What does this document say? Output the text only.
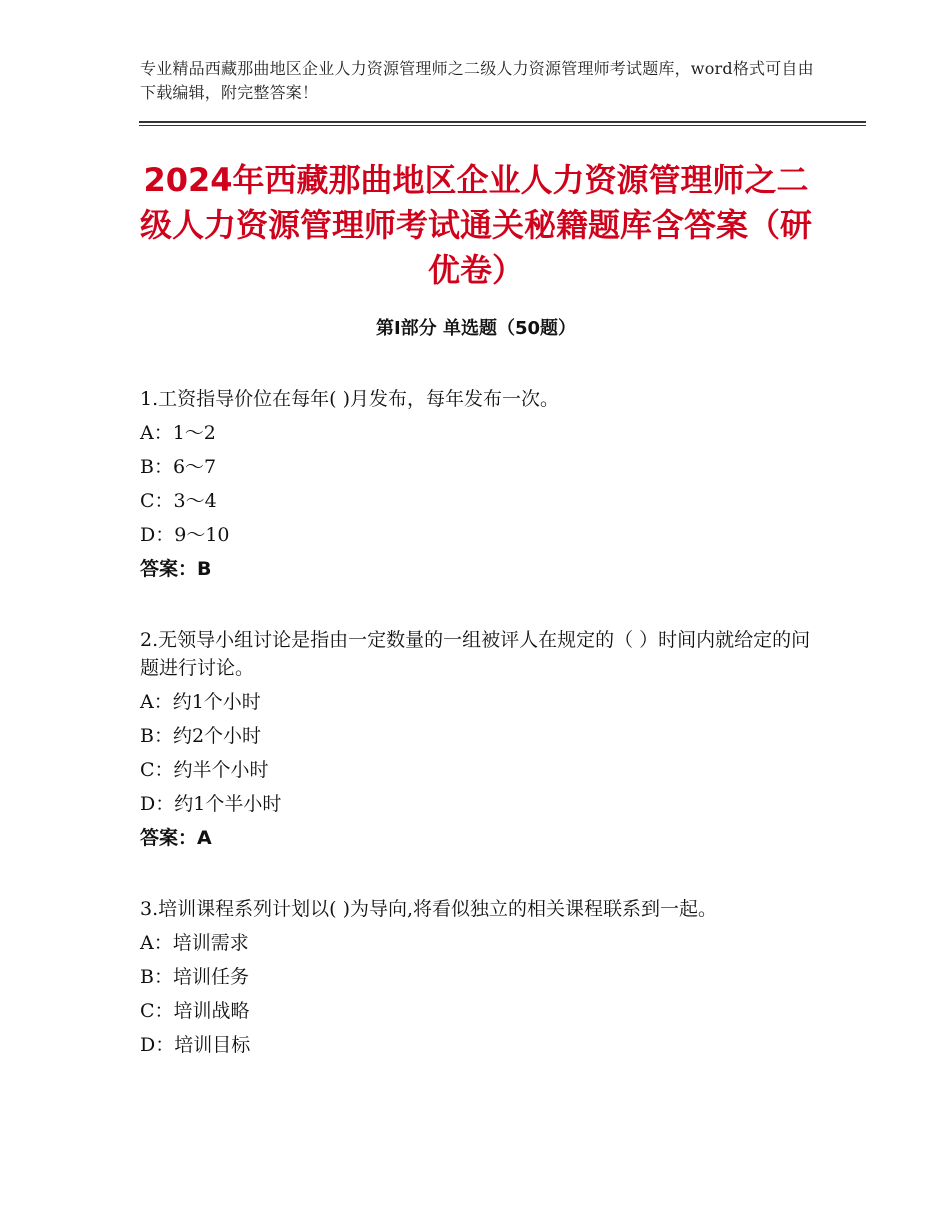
专业精品西藏那曲地区企业人力资源管理师之二级人力资源管理师考试题库，word格式可自由下载编辑，附完整答案！
2024年西藏那曲地区企业人力资源管理师之二级人力资源管理师考试通关秘籍题库含答案（研优卷）
第Ⅰ部分 单选题（50题）

1.工资指导价位在每年( )月发布，每年发布一次。

A：1～2
B：6～7
C：3～4
D：9～10
答案：B

2.无领导小组讨论是指由一定数量的一组被评人在规定的（ ）时间内就给定的问题进行讨论。

A：约1个小时
B：约2个小时
C：约半个小时
D：约1个半小时
答案：A

3.培训课程系列计划以( )为导向,将看似独立的相关课程联系到一起。

A：培训需求
B：培训任务
C：培训战略
D：培训目标
